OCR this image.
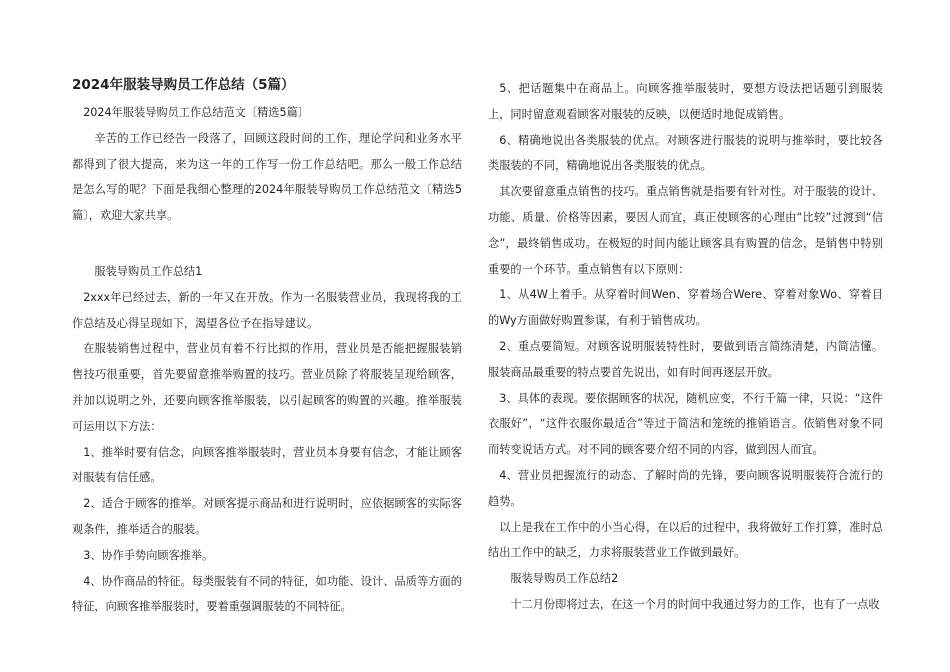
2024年服装导购员工作总结（5篇）

2024年服装导购员工作总结范文〔精选5篇〕

辛苦的工作已经告一段落了，回顾这段时间的工作，理论学问和业务水平都得到了很大提高，来为这一年的工作写一份工作总结吧。那么一般工作总结是怎么写的呢？下面是我细心整理的2024年服装导购员工作总结范文〔精选5篇〕，欢迎大家共享。

服装导购员工作总结1

2xxx年已经过去，新的一年又在开放。作为一名服装营业员，我现将我的工作总结及心得呈现如下，渴望各位予在指导建议。

在服装销售过程中，营业员有着不行比拟的作用，营业员是否能把握服装销售技巧很重要，首先要留意推举购置的技巧。营业员除了将服装呈现给顾客，并加以说明之外，还要向顾客推举服装，以引起顾客的购置的兴趣。推举服装可运用以下方法：

1、推举时要有信念，向顾客推举服装时，营业员本身要有信念，才能让顾客对服装有信任感。

2、适合于顾客的推举。对顾客提示商品和进行说明时，应依据顾客的实际客观条件，推举适合的服装。

3、协作手势向顾客推举。

4、协作商品的特征。每类服装有不同的特征，如功能、设计、品质等方面的特征，向顾客推举服装时，要着重强调服装的不同特征。

5、把话题集中在商品上。向顾客推举服装时，要想方设法把话题引到服装上，同时留意观看顾客对服装的反映，以便适时地促成销售。

6、精确地说出各类服装的优点。对顾客进行服装的说明与推举时，要比较各类服装的不同，精确地说出各类服装的优点。

其次要留意重点销售的技巧。重点销售就是指要有针对性。对于服装的设计、功能、质量、价格等因素，要因人而宜，真正使顾客的心理由“比较”过渡到“信念”，最终销售成功。在极短的时间内能让顾客具有购置的信念，是销售中特别　　重要的一个环节。重点销售有以下原则：

1、从4W上着手。从穿着时间Wen、穿着场合Were、穿着对象Wo、穿着目的Wy方面做好购置参谋，有利于销售成功。

2、重点要简短。对顾客说明服装特性时，要做到语言简练清楚，内简洁懂。服装商品最重要的特点要首先说出，如有时间再逐层开放。

3、具体的表现。要依据顾客的状况，随机应变，不行千篇一律，只说：“这件衣服好”，“这件衣服你最适合”等过于简洁和笼统的推销语言。依销售对象不同而转变说话方式。对不同的顾客要介绍不同的内容，做到因人而宜。

4、营业员把握流行的动态、了解时尚的先锋，要向顾客说明服装符合流行的趋势。

以上是我在工作中的小当心得，在以后的过程中，我将做好工作打算，准时总结出工作中的缺乏，力求将服装营业工作做到最好。

服装导购员工作总结2

十二月份即将过去，在这一个月的时间中我通过努力的工作，也有了一点收
